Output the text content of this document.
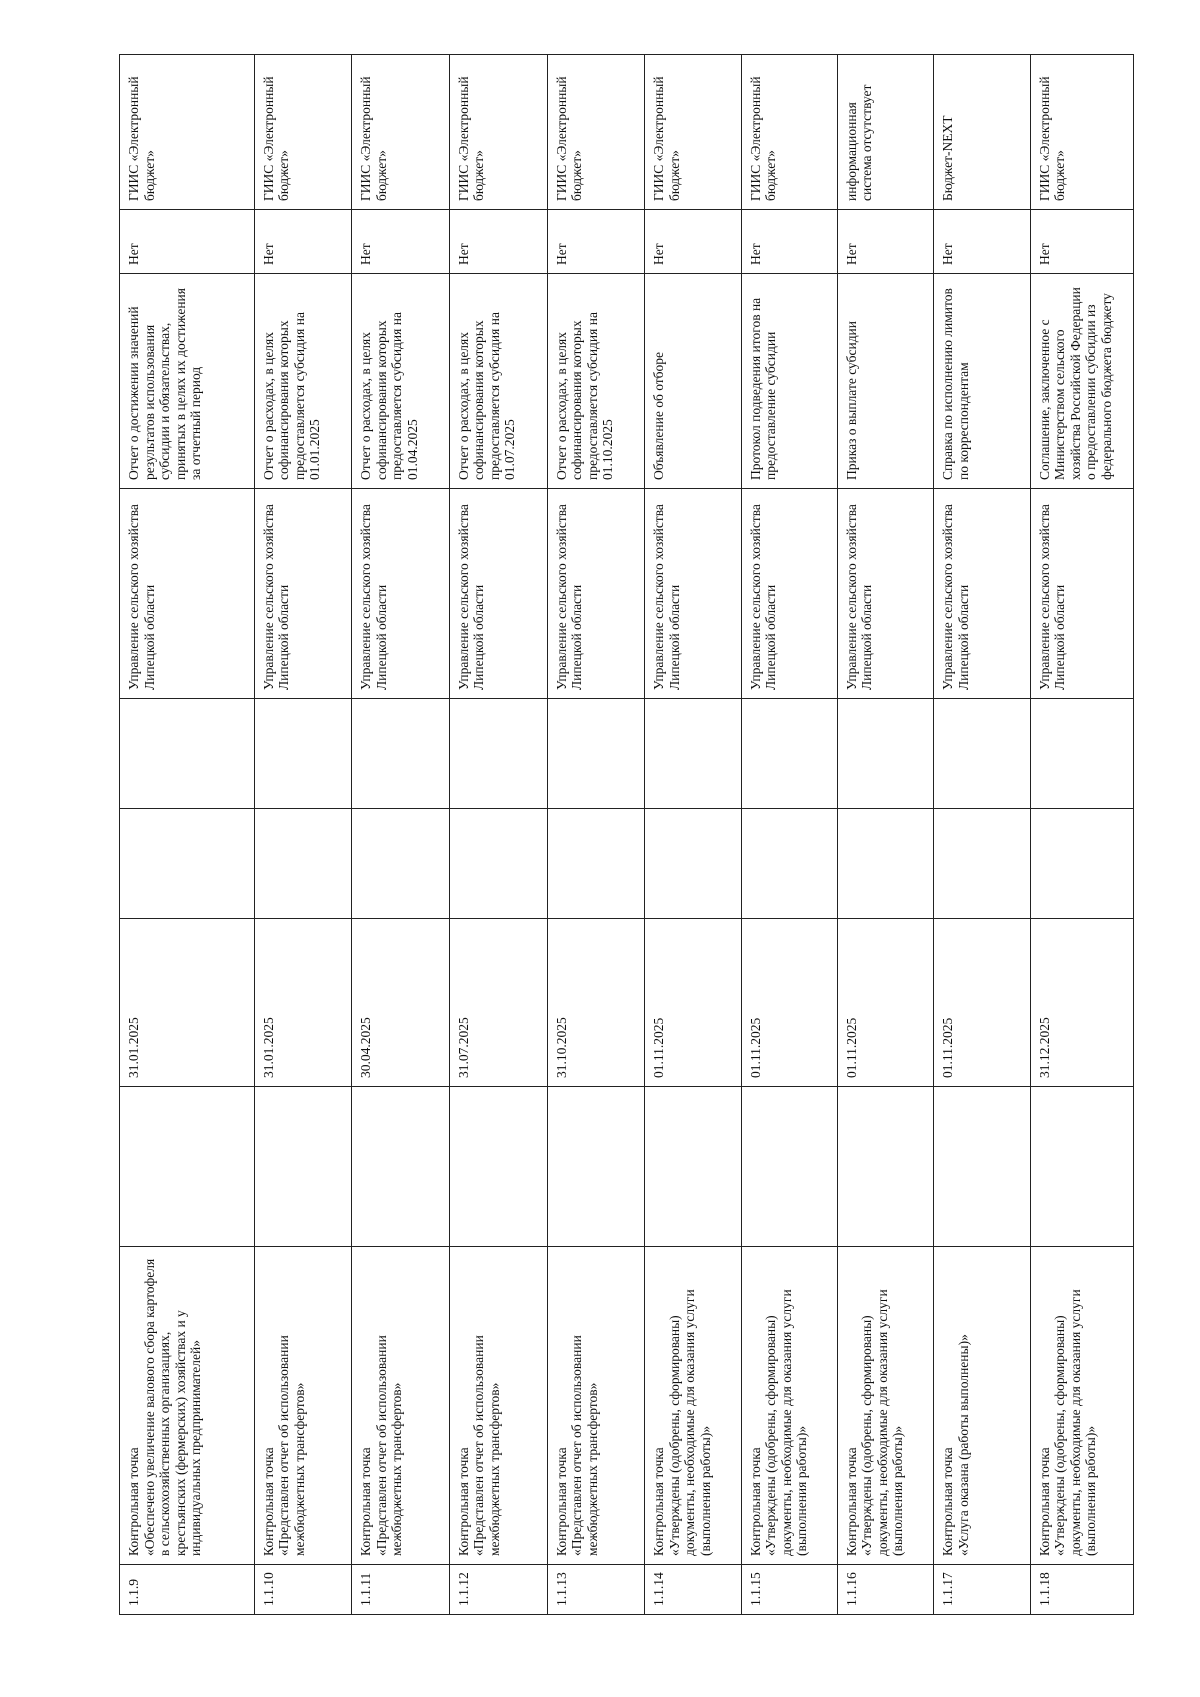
1.1.9	Контрольная точка «Обеспечено увеличение валового сбора картофеля в сельскохозяйственных организациях, крестьянских (фермерских) хозяйствах и у индивидуальных предпринимателей»		31.01.2025			Управление сельского хозяйства Липецкой области	Отчет о достижении значений результатов использования субсидии и обязательствах, принятых в целях их достижения за отчетный период	Нет	ГИИС «Электронный бюджет»
1.1.10	Контрольная точка «Представлен отчет об использовании межбюджетных трансфертов»		31.01.2025			Управление сельского хозяйства Липецкой области	Отчет о расходах, в целях софинансирования которых предоставляется субсидия на 01.01.2025	Нет	ГИИС «Электронный бюджет»
1.1.11	Контрольная точка «Представлен отчет об использовании межбюджетных трансфертов»		30.04.2025			Управление сельского хозяйства Липецкой области	Отчет о расходах, в целях софинансирования которых предоставляется субсидия на 01.04.2025	Нет	ГИИС «Электронный бюджет»
1.1.12	Контрольная точка «Представлен отчет об использовании межбюджетных трансфертов»		31.07.2025			Управление сельского хозяйства Липецкой области	Отчет о расходах, в целях софинансирования которых предоставляется субсидия на 01.07.2025	Нет	ГИИС «Электронный бюджет»
1.1.13	Контрольная точка «Представлен отчет об использовании межбюджетных трансфертов»		31.10.2025			Управление сельского хозяйства Липецкой области	Отчет о расходах, в целях софинансирования которых предоставляется субсидия на 01.10.2025	Нет	ГИИС «Электронный бюджет»
1.1.14	Контрольная точка «Утверждены (одобрены, сформированы) документы, необходимые для оказания услуги (выполнения работы)»		01.11.2025			Управление сельского хозяйства Липецкой области	Объявление об отборе	Нет	ГИИС «Электронный бюджет»
1.1.15	Контрольная точка «Утверждены (одобрены, сформированы) документы, необходимые для оказания услуги (выполнения работы)»		01.11.2025			Управление сельского хозяйства Липецкой области	Протокол подведения итогов на предоставление субсидии	Нет	ГИИС «Электронный бюджет»
1.1.16	Контрольная точка «Утверждены (одобрены, сформированы) документы, необходимые для оказания услуги (выполнения работы)»		01.11.2025			Управление сельского хозяйства Липецкой области	Приказ о выплате субсидии	Нет	информационная система отсутствует
1.1.17	Контрольная точка «Услуга оказана (работы выполнены)»		01.11.2025			Управление сельского хозяйства Липецкой области	Справка по исполнению лимитов по корреспондентам	Нет	Бюджет-NEXT
1.1.18	Контрольная точка «Утверждены (одобрены, сформированы) документы, необходимые для оказания услуги (выполнения работы)»		31.12.2025			Управление сельского хозяйства Липецкой области	Соглашение, заключенное с Министерством сельского хозяйства Российской Федерации о предоставлении субсидии из федерального бюджета бюджету	Нет	ГИИС «Электронный бюджет»
